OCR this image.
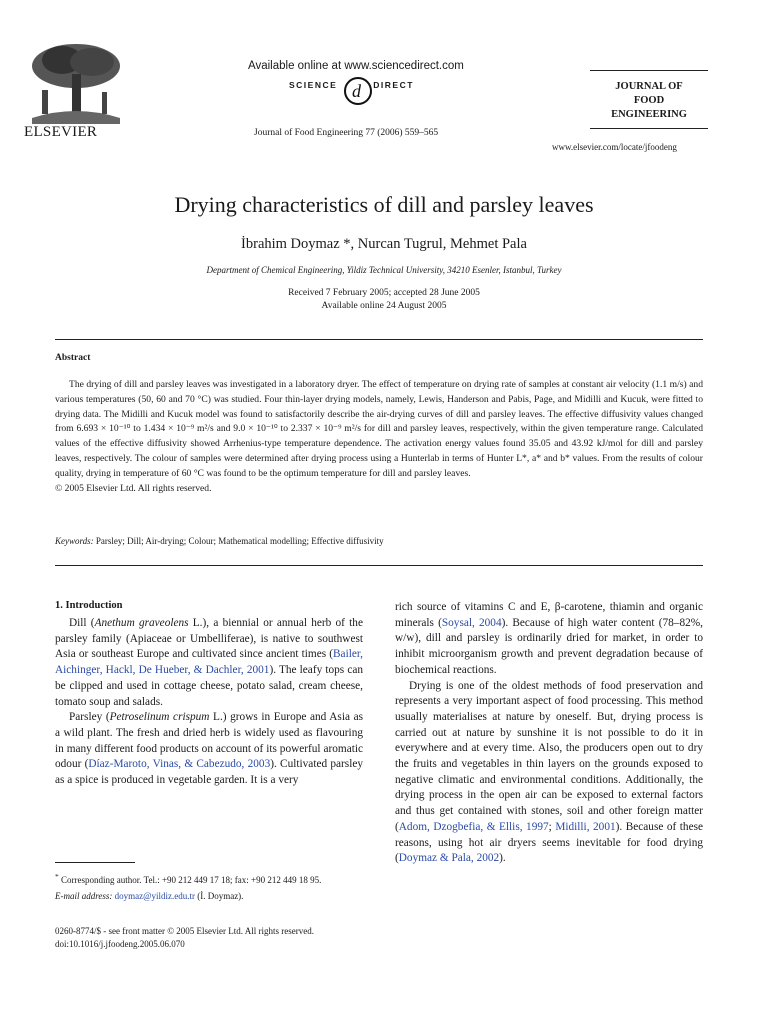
ELSEVIER
Available online at www.sciencedirect.com
SCIENCE	DIRECT
d
Journal of Food Engineering 77 (2006) 559–565
JOURNAL OF
FOOD
ENGINEERING
www.elsevier.com/locate/jfoodeng
Drying characteristics of dill and parsley leaves
İbrahim Doymaz *, Nurcan Tugrul, Mehmet Pala
Department of Chemical Engineering, Yildiz Technical University, 34210 Esenler, Istanbul, Turkey
Received 7 February 2005; accepted 28 June 2005
Available online 24 August 2005
Abstract

The drying of dill and parsley leaves was investigated in a laboratory dryer. The effect of temperature on drying rate of samples at constant air velocity (1.1 m/s) and various temperatures (50, 60 and 70 °C) was studied. Four thin-layer drying models, namely, Lewis, Handerson and Pabis, Page, and Midilli and Kucuk, were fitted to drying data. The Midilli and Kucuk model was found to satisfactorily describe the air-drying curves of dill and parsley leaves. The effective diffusivity values changed from 6.693 × 10⁻¹⁰ to 1.434 × 10⁻⁹ m²/s and 9.0 × 10⁻¹⁰ to 2.337 × 10⁻⁹ m²/s for dill and parsley leaves, respectively, within the given temperature range. Calculated values of the effective diffusivity showed Arrhenius-type temperature dependence. The activation energy values found 35.05 and 43.92 kJ/mol for dill and parsley leaves, respectively. The colour of samples were determined after drying process using a Hunterlab in terms of Hunter L*, a* and b* values. From the results of colour quality, drying in temperature of 60 °C was found to be the optimum temperature for dill and parsley leaves.

© 2005 Elsevier Ltd. All rights reserved.
Keywords: Parsley; Dill; Air-drying; Colour; Mathematical modelling; Effective diffusivity
1. Introduction

Dill (Anethum graveolens L.), a biennial or annual herb of the parsley family (Apiaceae or Umbelliferae), is native to southwest Asia or southeast Europe and cultivated since ancient times (Bailer, Aichinger, Hackl, De Hueber, & Dachler, 2001). The leafy tops can be clipped and used in cottage cheese, potato salad, cream cheese, tomato soup and salads.

Parsley (Petroselinum crispum L.) grows in Europe and Asia as a wild plant. The fresh and dried herb is widely used as flavouring in many different food products on account of its powerful aromatic odour (Díaz-Maroto, Vinas, & Cabezudo, 2003). Cultivated parsley as a spice is produced in vegetable garden. It is a very

rich source of vitamins C and E, β-carotene, thiamin and organic minerals (Soysal, 2004). Because of high water content (78–82%, w/w), dill and parsley is ordinarily dried for market, in order to inhibit microorganism growth and prevent degradation because of biochemical reactions.

Drying is one of the oldest methods of food preservation and represents a very important aspect of food processing. This method usually materialises at nature by oneself. But, drying process is carried out at nature by sunshine it is not possible to do it in everywhere and at every time. Also, the producers open out to dry the fruits and vegetables in thin layers on the grounds exposed to negative climatic and environmental conditions. Additionally, the drying process in the open air can be exposed to external factors and thus get contained with stones, soil and other foreign matter (Adom, Dzogbefia, & Ellis, 1997; Midilli, 2001). Because of these reasons, using hot air dryers seems inevitable for food drying (Doymaz & Pala, 2002).

* Corresponding author. Tel.: +90 212 449 17 18; fax: +90 212 449 18 95.
E-mail address: doymaz@yildiz.edu.tr (İ. Doymaz).
0260-8774/$ - see front matter © 2005 Elsevier Ltd. All rights reserved.
doi:10.1016/j.jfoodeng.2005.06.070
